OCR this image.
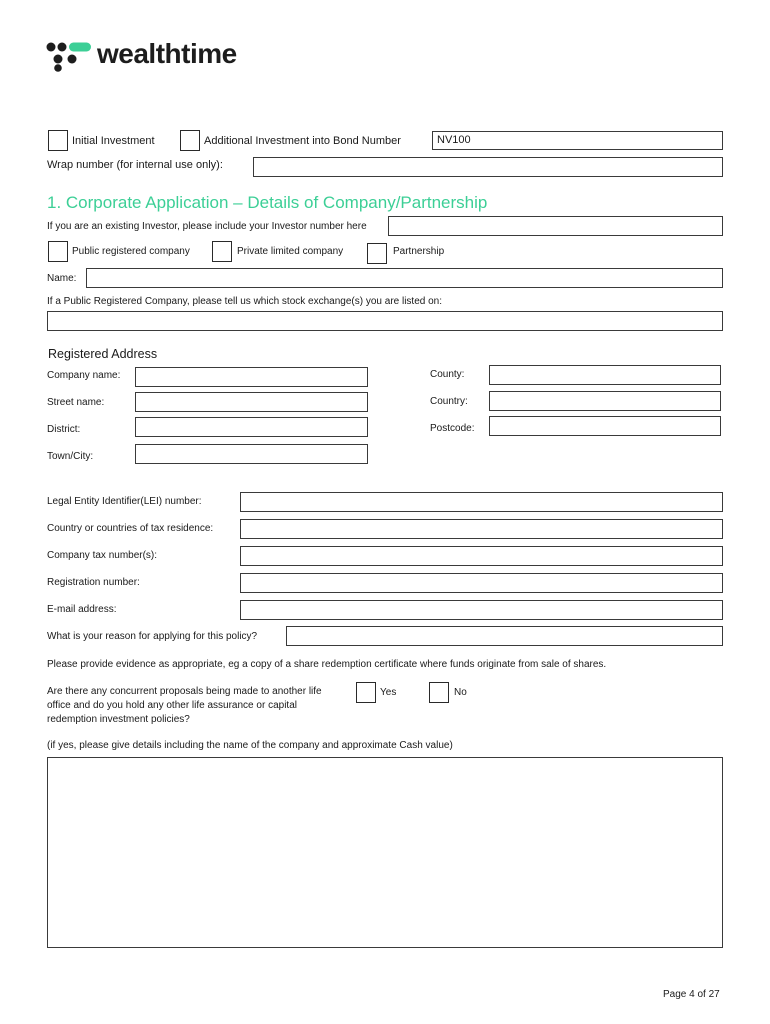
wealthtime
Initial Investment	Additional Investment into Bond Number	NV100
Wrap number (for internal use only):
1. Corporate Application – Details of Company/Partnership
If you are an existing Investor, please include your Investor number here
Public registered company	Private limited company	Partnership
Name:
If a Public Registered Company, please tell us which stock exchange(s) you are listed on:
Registered Address
Company name:
Street name:
District:
Town/City:
County:
Country:
Postcode:
Legal Entity Identifier(LEI) number:
Country or countries of tax residence:
Company tax number(s):
Registration number:
E-mail address:
What is your reason for applying for this policy?
Please provide evidence as appropriate, eg a copy of a share redemption certificate where funds originate from sale of shares.
Are there any concurrent proposals being made to another life office and do you hold any other life assurance or capital redemption investment policies?
Yes	No
(if yes, please give details including the name of the company and approximate Cash value)
Page 4 of 27
